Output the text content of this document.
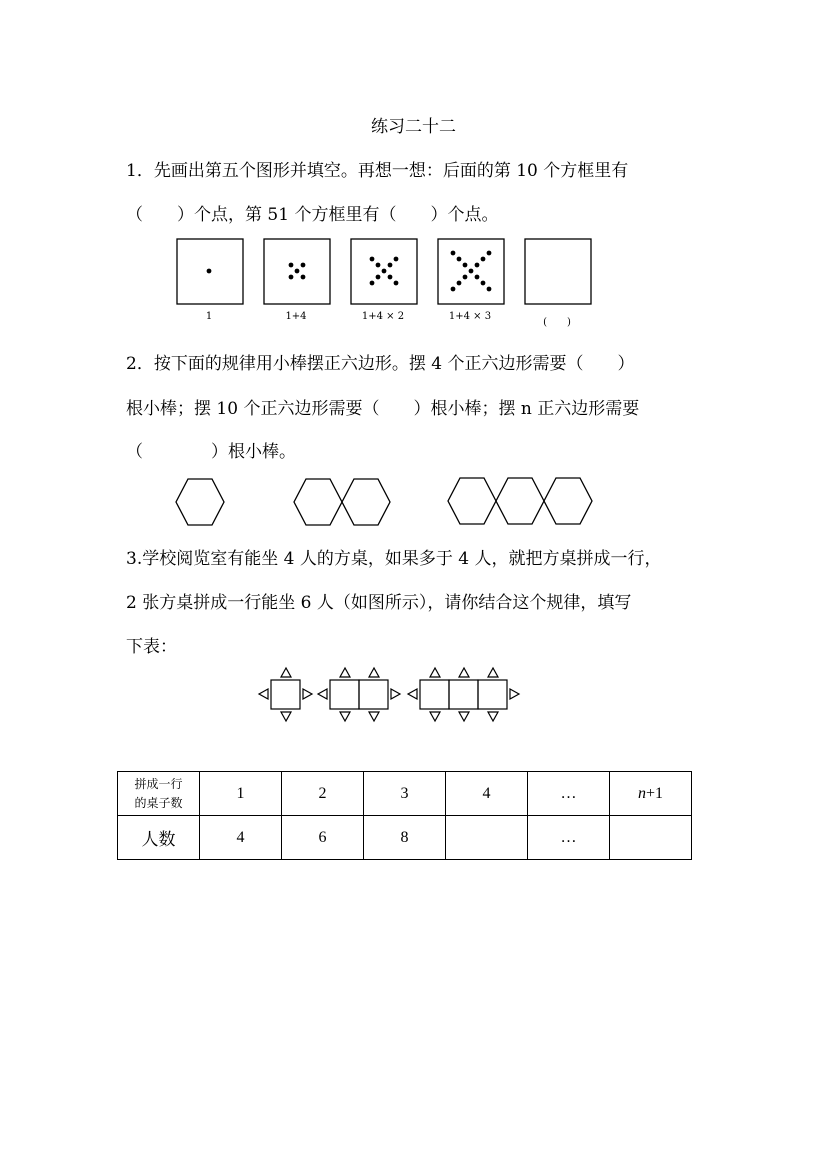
练习二十二
1．先画出第五个图形并填空。再想一想：后面的第 10 个方框里有
（　　）个点，第 51 个方框里有（　　）个点。
1	1+4	1+4 × 2	1+4 × 3
(　　)
2．按下面的规律用小棒摆正六边形。摆 4 个正六边形需要（　　）
根小棒；摆 10 个正六边形需要（　　）根小棒；摆 n 正六边形需要
（　　　　）根小棒。
3.学校阅览室有能坐 4 人的方桌，如果多于 4 人，就把方桌拼成一行，
2 张方桌拼成一行能坐 6 人（如图所示），请你结合这个规律，填写
下表：
拼成一行
的桌子数	1	2	3	4	…	n+1
人数	4	6	8		…	
